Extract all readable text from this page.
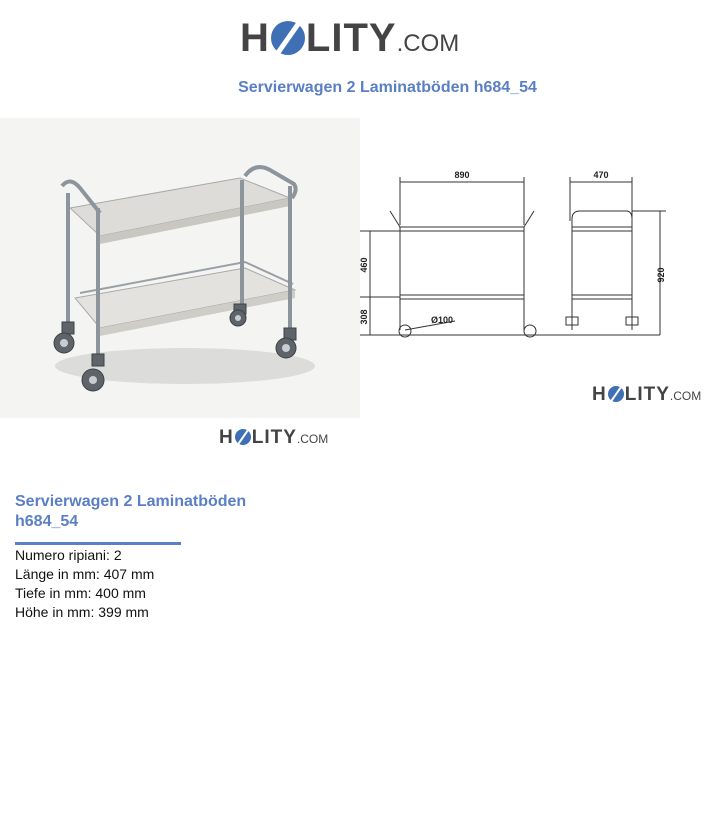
H LITY .COM
Servierwagen 2 Laminatböden h684_54
890	470
920
460
308	Ø100
H LITY .COM
H LITY .COM
Servierwagen 2 Laminatböden h684_54
Numero ripiani: 2
Länge in mm: 407 mm
Tiefe in mm: 400 mm
Höhe in mm: 399 mm
